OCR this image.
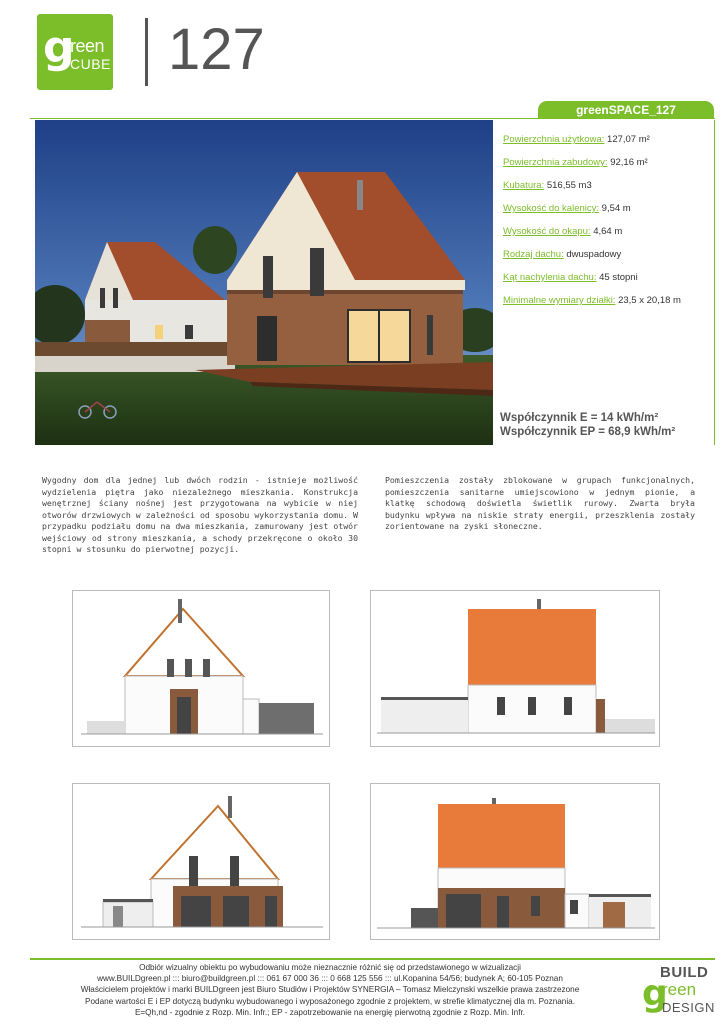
g
reen
CUBE 127
greenSPACE_127
Powierzchnia użytkowa: 127,07 m²
Powierzchnia zabudowy: 92,16 m²
Kubatura: 516,55 m3
Wysokość do kalenicy: 9,54 m
Wysokość do okapu: 4,64 m
Rodzaj dachu: dwuspadowy
Kąt nachylenia dachu: 45 stopni
Minimalne wymiary działki: 23,5 x 20,18 m
Współczynnik E = 14 kWh/m²
Współczynnik EP = 68,9 kWh/m²
Wygodny dom dla jednej lub dwóch rodzin - istnieje możliwość wydzielenia piętra jako niezależnego mieszkania. Konstrukcja wenętrznej ściany nośnej jest przygotowana na wybicie w niej otworów drzwiowych w zależności od sposobu wykorzystania domu. W przypadku podziału domu na dwa mieszkania, zamurowany jest otwór wejściowy od strony mieszkania, a schody przekręcone o około 30 stopni w stosunku do pierwotnej pozycji.
Pomieszczenia zostały zblokowane w grupach funkcjonalnych, pomieszczenia sanitarne umiejscowiono w jednym pionie, a klatkę schodową doświetla świetlik rurowy. Zwarta bryła budynku wpływa na niskie straty energii, przeszklenia zostały zorientowane na zyski słoneczne.
Odbiór wizualny obiektu po wybudowaniu może nieznacznie różnić się od przedstawionego w wizualizacji
www.BUILDgreen.pl ::: biuro@buildgreen.pl ::: 061 67 000 36 ::: 0 668 125 556 ::: ul.Kopanina 54/56; budynek A; 60-105 Poznan
Właścicielem projektów i marki BUILDgreen jest Biuro Studiów i Projektów SYNERGIA – Tomasz Mielczynski wszelkie prawa zastrzezone
Podane wartości E i EP dotyczą budynku wybudowanego i wyposażonego zgodnie z projektem, w strefie klimatycznej dla m. Poznania.
E=Qh,nd - zgodnie z Rozp. Min. Infr.; EP - zapotrzebowanie na energię pierwotną zgodnie z Rozp. Min. Infr.
BUILD
g
reen
DESIGN
